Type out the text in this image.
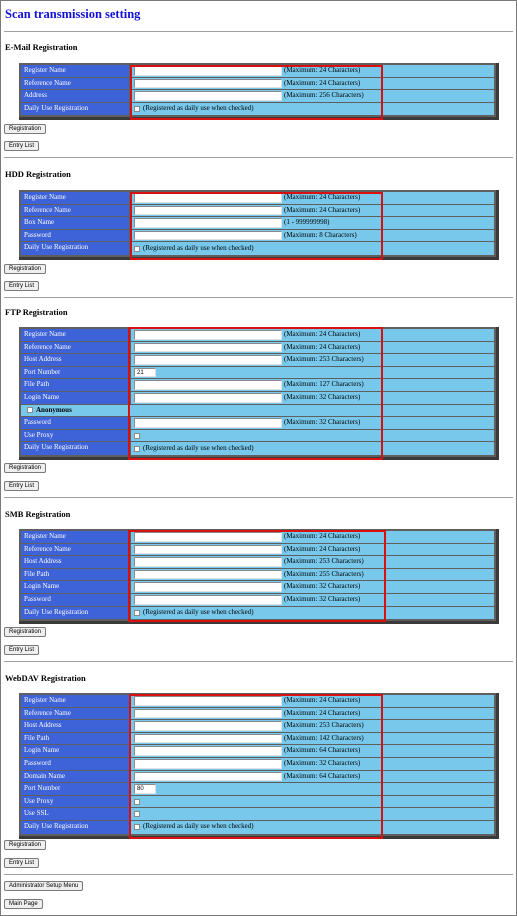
Scan transmission setting
E-Mail Registration
Register Name	(Maximum: 24 Characters)
Reference Name	(Maximum: 24 Characters)
Address	(Maximum: 256 Characters)
Daily Use Registration	(Registered as daily use when checked)
Registration
Entry List
HDD Registration
Register Name	(Maximum: 24 Characters)
Reference Name	(Maximum: 24 Characters)
Box Name	(1 - 999999998)
Password	(Maximum: 8 Characters)
Daily Use Registration	(Registered as daily use when checked)
Registration
Entry List
FTP Registration
Register Name	(Maximum: 24 Characters)
Reference Name	(Maximum: 24 Characters)
Host Address	(Maximum: 253 Characters)
Port Number	21
File Path	(Maximum: 127 Characters)
Login Name	(Maximum: 32 Characters)
Anonymous
Password	(Maximum: 32 Characters)
Use Proxy
Daily Use Registration	(Registered as daily use when checked)
Registration
Entry List
SMB Registration
Register Name	(Maximum: 24 Characters)
Reference Name	(Maximum: 24 Characters)
Host Address	(Maximum: 253 Characters)
File Path	(Maximum: 255 Characters)
Login Name	(Maximum: 32 Characters)
Password	(Maximum: 32 Characters)
Daily Use Registration	(Registered as daily use when checked)
Registration
Entry List
WebDAV Registration
Register Name	(Maximum: 24 Characters)
Reference Name	(Maximum: 24 Characters)
Host Address	(Maximum: 253 Characters)
File Path	(Maximum: 142 Characters)
Login Name	(Maximum: 64 Characters)
Password	(Maximum: 32 Characters)
Domain Name	(Maximum: 64 Characters)
Port Number	80
Use Proxy
Use SSL
Daily Use Registration	(Registered as daily use when checked)
Registration
Entry List
Administrator Setup Menu
Main Page
